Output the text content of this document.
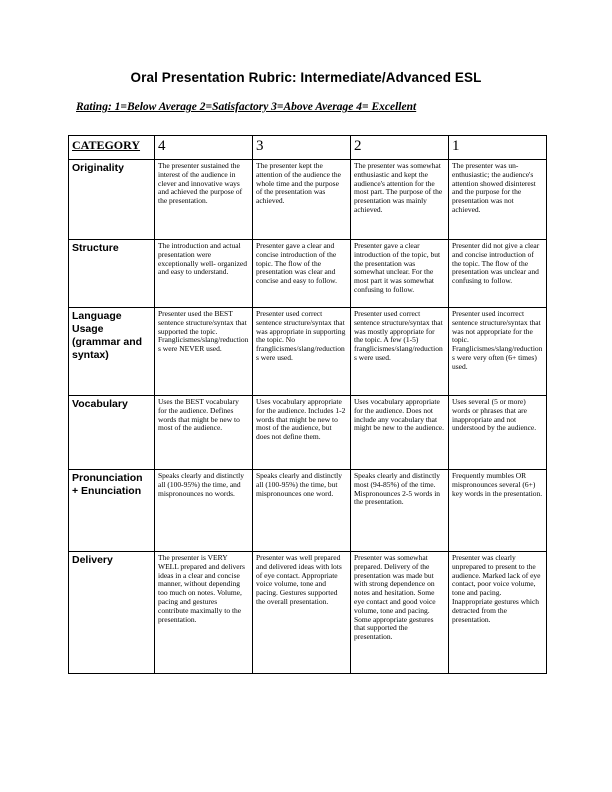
Oral Presentation Rubric: Intermediate/Advanced ESL

Rating: 1=Below Average 2=Satisfactory 3=Above Average 4= Excellent

CATEGORY	4	3	2	1
Originality	The presenter sustained the interest of the audience in clever and innovative ways and achieved the purpose of the presentation.	The presenter kept the attention of the audience the whole time and the purpose of the presentation was achieved.	The presenter was somewhat enthusiastic and kept the audience's attention for the most part. The purpose of the presentation was mainly achieved.	The presenter was un-enthusiastic; the audience's attention showed disinterest and the purpose for the presentation was not achieved.
Structure	The introduction and actual presentation were exceptionally well- organized and easy to understand.	Presenter gave a clear and concise introduction of the topic. The flow of the presentation was clear and concise and easy to follow.	Presenter gave a clear introduction of the topic, but the presentation was somewhat unclear. For the most part it was somewhat confusing to follow.	Presenter did not give a clear and concise introduction of the topic. The flow of the presentation was unclear and confusing to follow.
Language Usage (grammar and syntax)	Presenter used the BEST sentence structure/syntax that supported the topic. Franglicismes/slang/reductions were NEVER used.	Presenter used correct sentence structure/syntax that was appropriate in supporting the topic. No franglicismes/slang/reductions were used.	Presenter used correct sentence structure/syntax that was mostly appropriate for the topic. A few (1-5) franglicismes/slang/reductions were used.	Presenter used incorrect sentence structure/syntax that was not appropriate for the topic. Franglicismes/slang/reductions were very often (6+ times) used.
Vocabulary	Uses the BEST vocabulary for the audience. Defines words that might be new to most of the audience.	Uses vocabulary appropriate for the audience. Includes 1-2 words that might be new to most of the audience, but does not define them.	Uses vocabulary appropriate for the audience. Does not include any vocabulary that might be new to the audience.	Uses several (5 or more) words or phrases that are inappropriate and not understood by the audience.
Pronunciation + Enunciation	Speaks clearly and distinctly all (100-95%) the time, and mispronounces no words.	Speaks clearly and distinctly all (100-95%) the time, but mispronounces one word.	Speaks clearly and distinctly most (94-85%) of the time. Mispronounces 2-5 words in the presentation.	Frequently mumbles OR mispronounces several (6+) key words in the presentation.
Delivery	The presenter is VERY WELL prepared and delivers ideas in a clear and concise manner, without depending too much on notes. Volume, pacing and gestures contribute maximally to the presentation.	Presenter was well prepared and delivered ideas with lots of eye contact. Appropriate voice volume, tone and pacing. Gestures supported the overall presentation.	Presenter was somewhat prepared. Delivery of the presentation was made but with strong dependence on notes and hesitation. Some eye contact and good voice volume, tone and pacing. Some appropriate gestures that supported the presentation.	Presenter was clearly unprepared to present to the audience. Marked lack of eye contact, poor voice volume, tone and pacing. Inappropriate gestures which detracted from the presentation.
